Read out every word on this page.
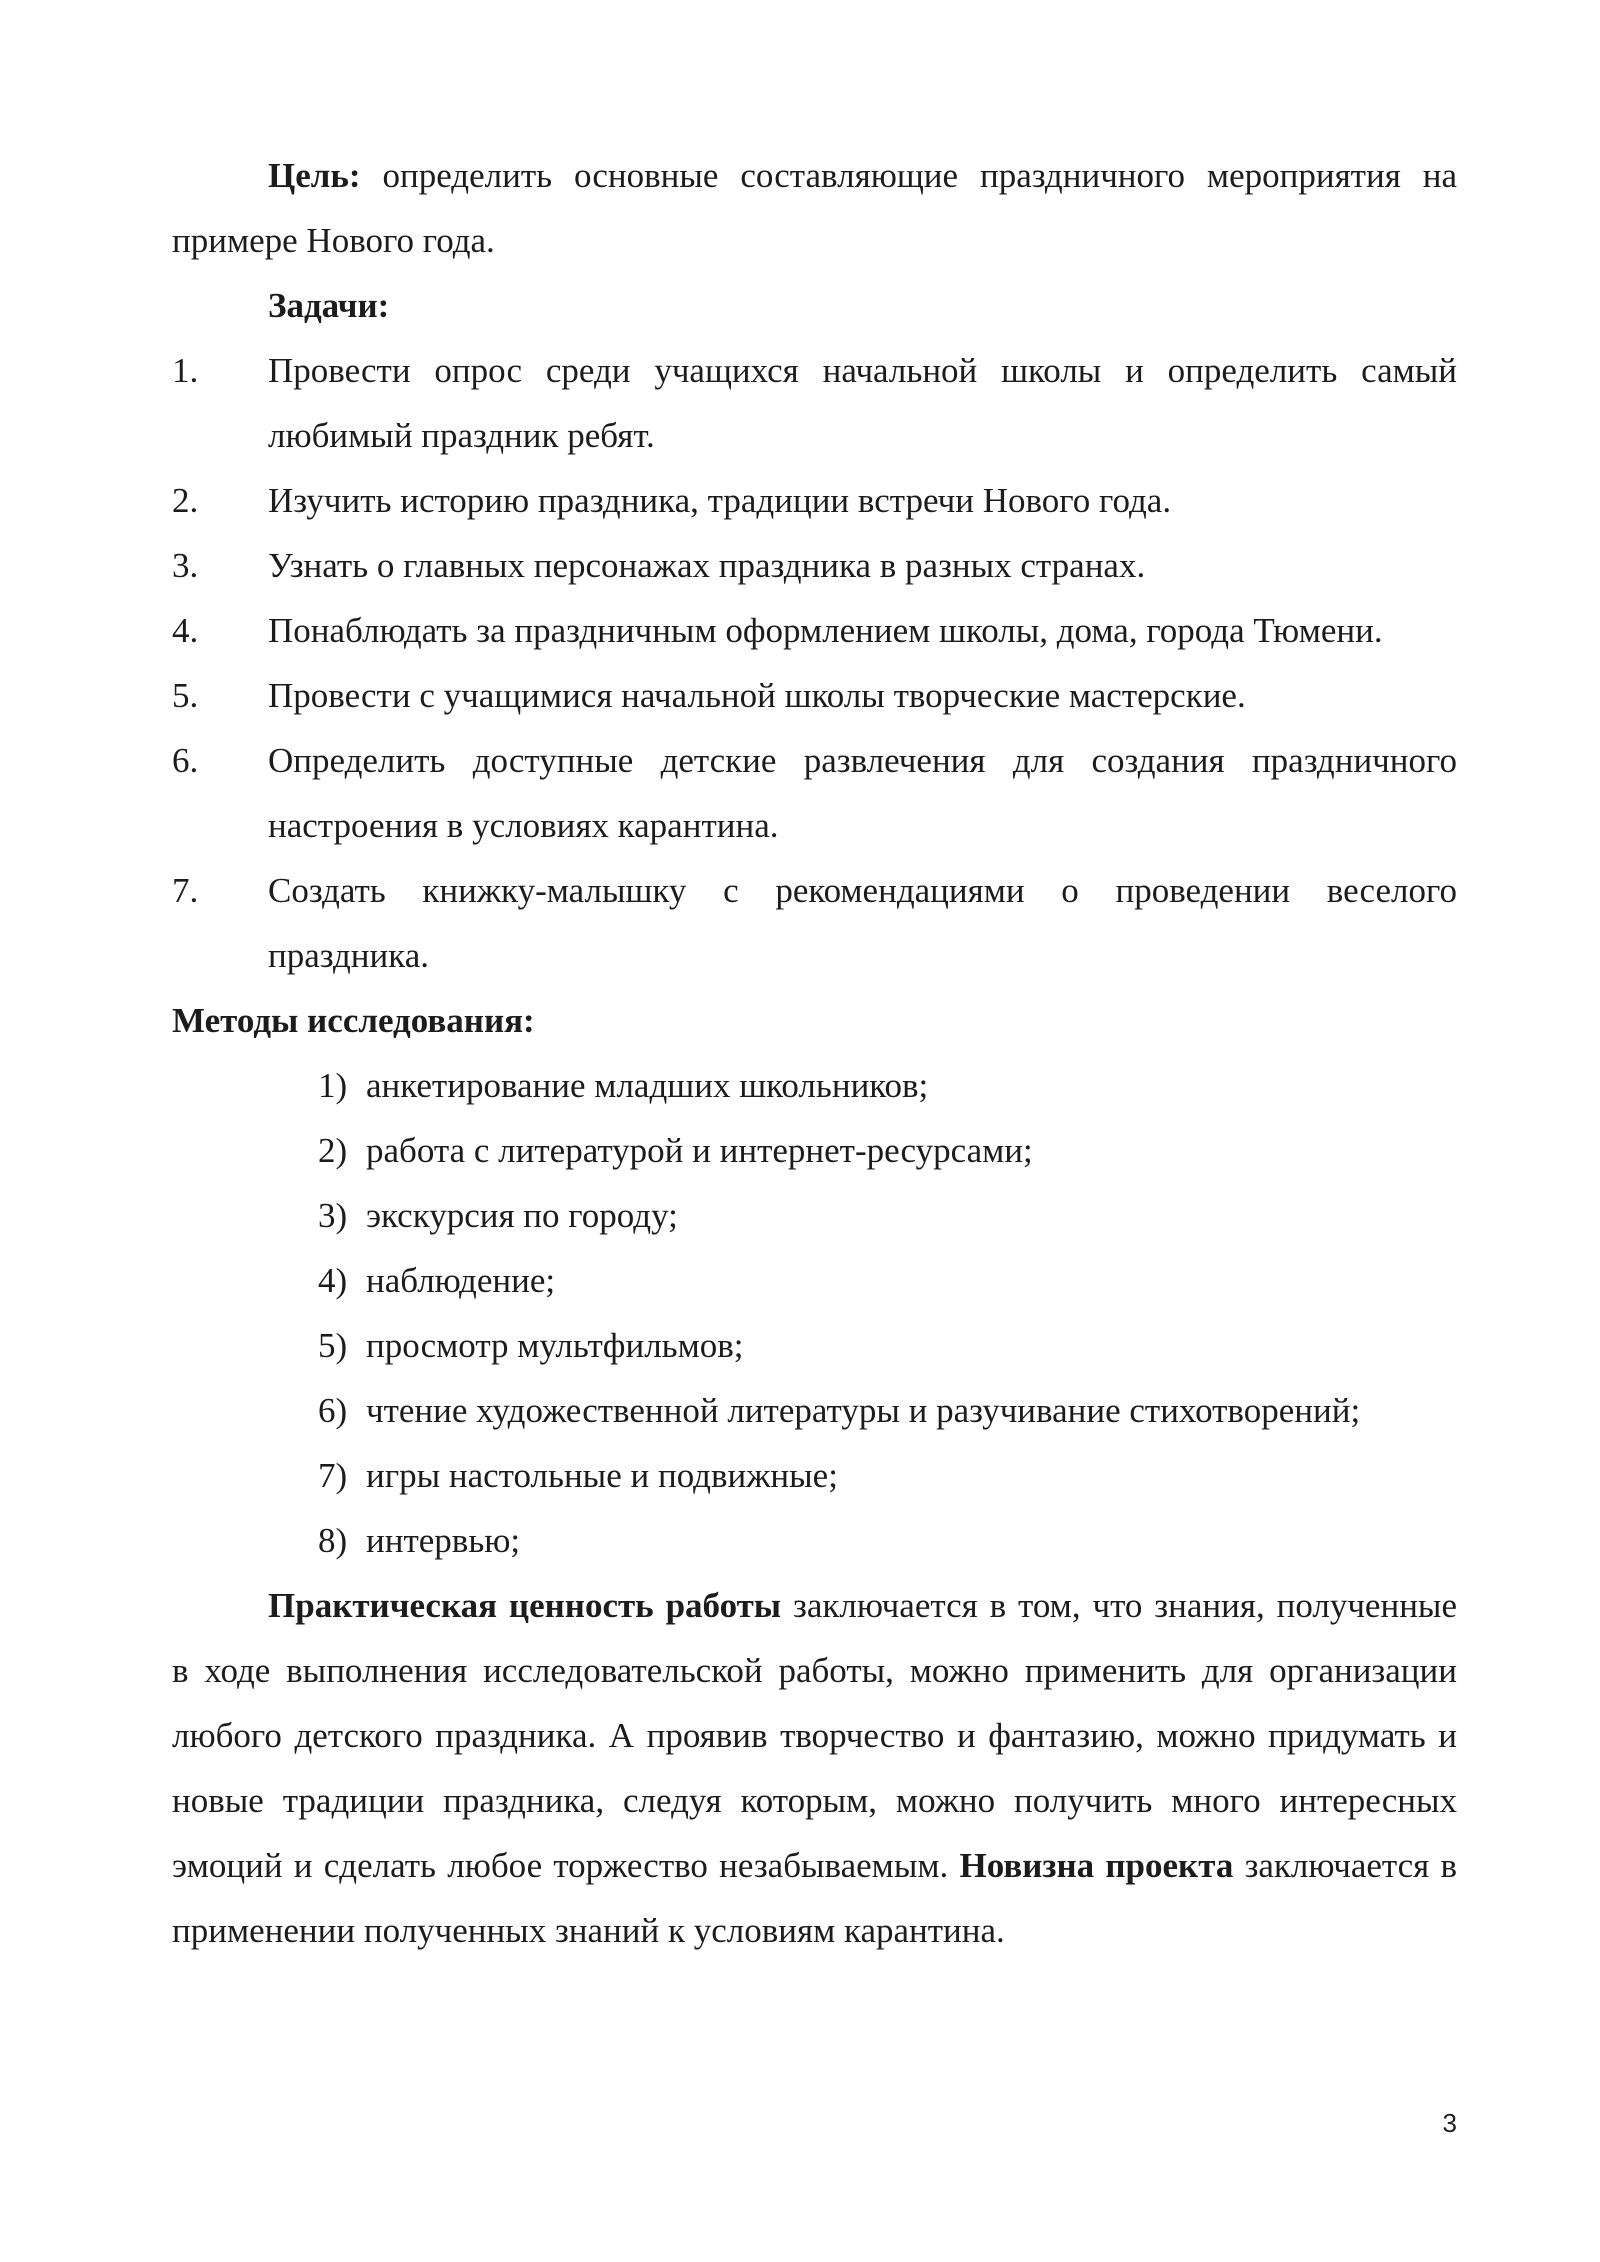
Цель: определить основные составляющие праздничного мероприятия на примере Нового года.

Задачи:

1. Провести опрос среди учащихся начальной школы и определить самый любимый праздник ребят.
2. Изучить историю праздника, традиции встречи Нового года.
3. Узнать о главных персонажах праздника в разных странах.
4. Понаблюдать за праздничным оформлением школы, дома, города Тюмени.
5. Провести с учащимися начальной школы творческие мастерские.
6. Определить доступные детские развлечения для создания праздничного настроения в условиях карантина.
7. Создать книжку-малышку с рекомендациями о проведении веселого праздника.

Методы исследования:

1) анкетирование младших школьников;
2) работа с литературой и интернет-ресурсами;
3) экскурсия по городу;
4) наблюдение;
5) просмотр мультфильмов;
6) чтение художественной литературы и разучивание стихотворений;
7) игры настольные и подвижные;
8) интервью;

Практическая ценность работы заключается в том, что знания, полученные в ходе выполнения исследовательской работы, можно применить для организации любого детского праздника. А проявив творчество и фантазию, можно придумать и новые традиции праздника, следуя которым, можно получить много интересных эмоций и сделать любое торжество незабываемым. Новизна проекта заключается в применении полученных знаний к условиям карантина.

3
